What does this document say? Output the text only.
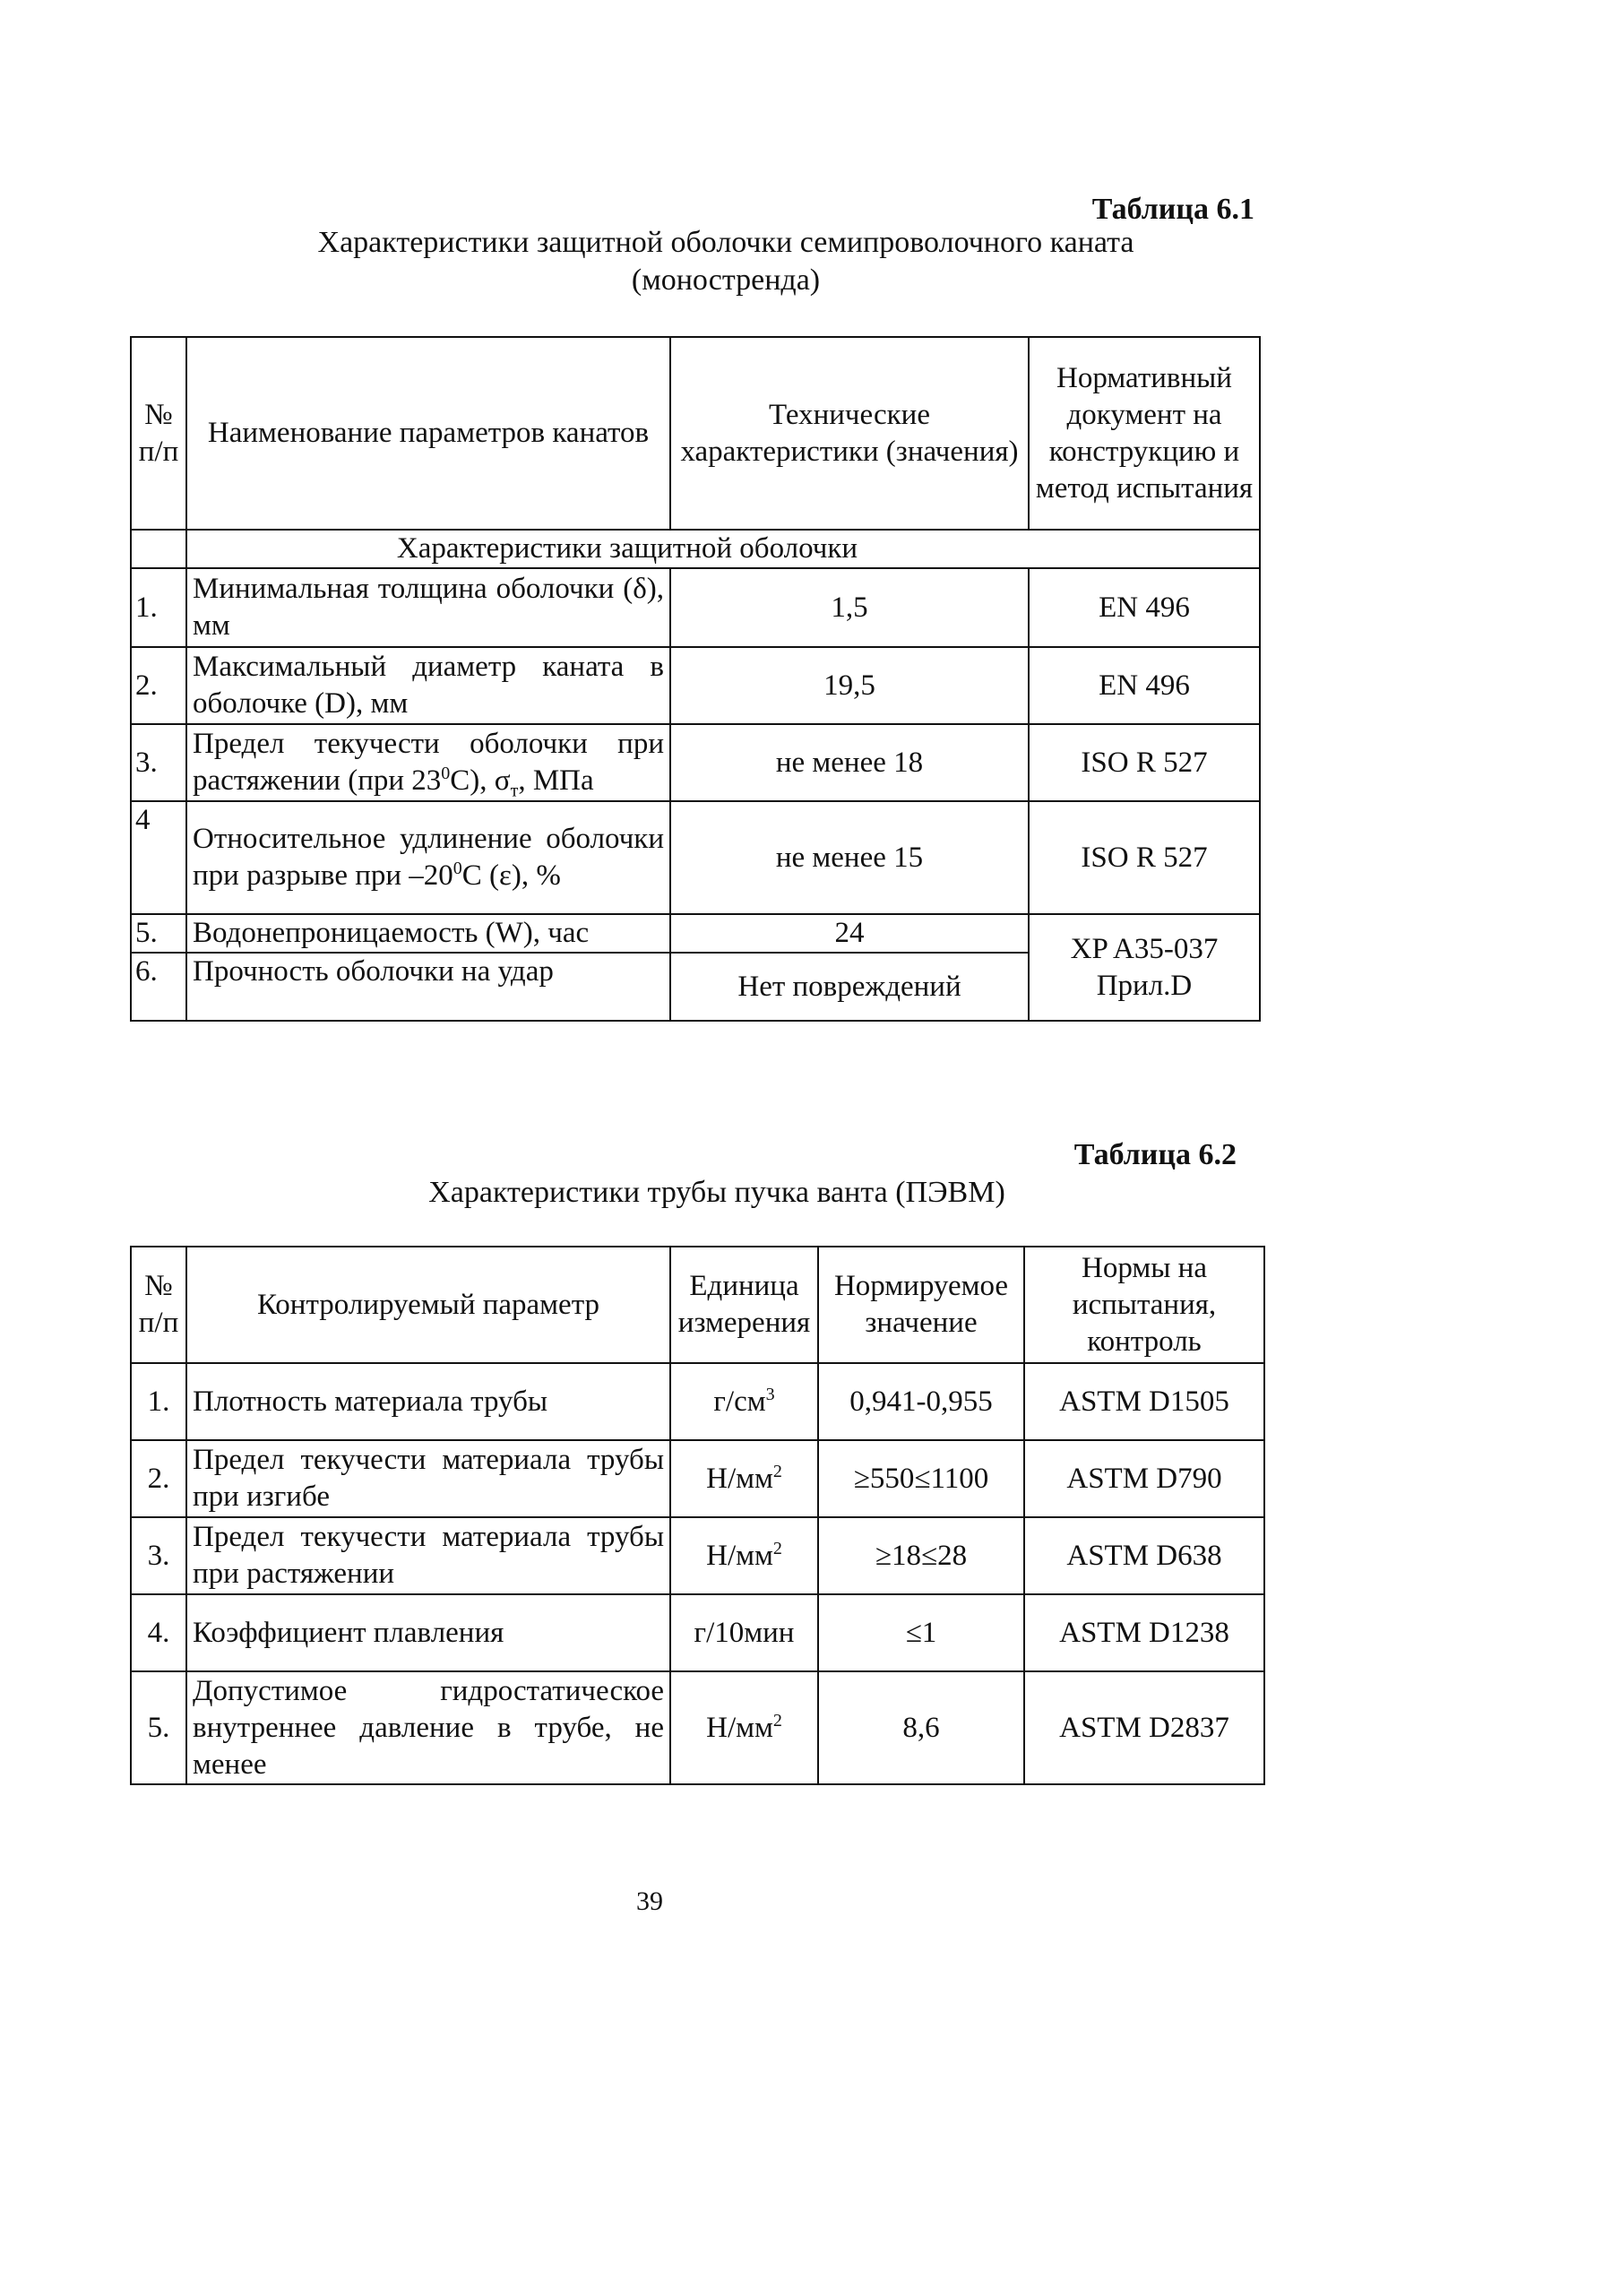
Таблица 6.1
Характеристики защитной оболочки семипроволочного каната
(монострендa)
№ п/п	Наименование параметров канатов	Технические характеристики (значения)	Нормативный документ на конструкцию и метод испытания
	Характеристики защитной оболочки		
1.	Минимальная толщина оболочки (δ), мм	1,5	EN 496
2.	Максимальный диаметр каната в оболочке (D), мм	19,5	EN 496
3.	Предел текучести оболочки при растяжении (при $23^0С$), $\sigma_т$, МПа	не менее 18	ISO R 527
4	Относительное удлинение оболочки при разрыве при $-20^0С$ (ε), %	не менее 15	ISO R 527
5.	Водонепроницаемость (W), час	24	XP A35-037 Прил.D
6.	Прочность оболочки на удар	Нет повреждений	
Таблица 6.2
Характеристики трубы пучка ванта (ПЭВМ)
№ п/п	Контролируемый параметр	Единица измерения	Нормируемое значение	Нормы на испытания, контроль
1.	Плотность материала трубы	$г/см^3$	0,941-0,955	ASTM D1505
2.	Предел текучести материала трубы при изгибе	$Н/мм^2$	≥550≤1100	ASTM D790
3.	Предел текучести материала трубы при растяжении	$Н/мм^2$	≥18≤28	ASTM D638
4.	Коэффициент плавления	г/10мин	≤1	ASTM D1238
5.	Допустимое гидростатическое внутреннее давление в трубе, не менее	$Н/мм^2$	8,6	ASTM D2837
39
